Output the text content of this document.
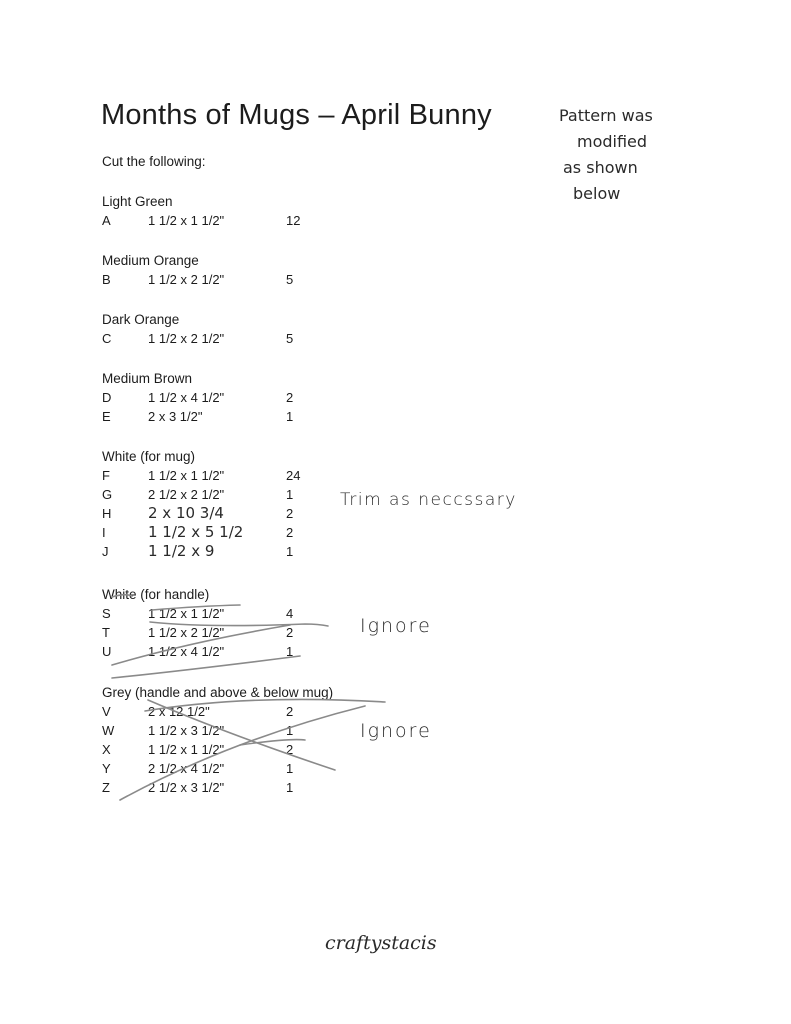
Months of Mugs – April Bunny
Cut the following:
Pattern was
modified
as shown
below
Light Green
A	1 1/2 x 1 1/2"	12
Medium Orange
B	1 1/2 x 2 1/2"	5
Dark Orange
C	1 1/2 x 2 1/2"	5
Medium Brown
D	1 1/2 x 4 1/2"	2
E	2 x 3 1/2"	1
White (for mug)
F	1 1/2 x 1 1/2"	24
G	2 1/2 x 2 1/2"	1
H 2 x 10 3/4	2
I	1 1/2 x 5 1/2	2
J	1 1/2 x 9	1
White (for handle)
S	1 1/2 x 1 1/2"	4
T	1 1/2 x 2 1/2"	2
U	1 1/2 x 4 1/2"	1
Grey (handle and above & below mug)
V	2 x 12 1/2"	2
W	1 1/2 x 3 1/2"	1
X	1 1/2 x 1 1/2"	2
Y	2 1/2 x 4 1/2"	1
Z	2 1/2 x 3 1/2"	1
Trim as neccssary
Ignore
Ignore
craftystacis
